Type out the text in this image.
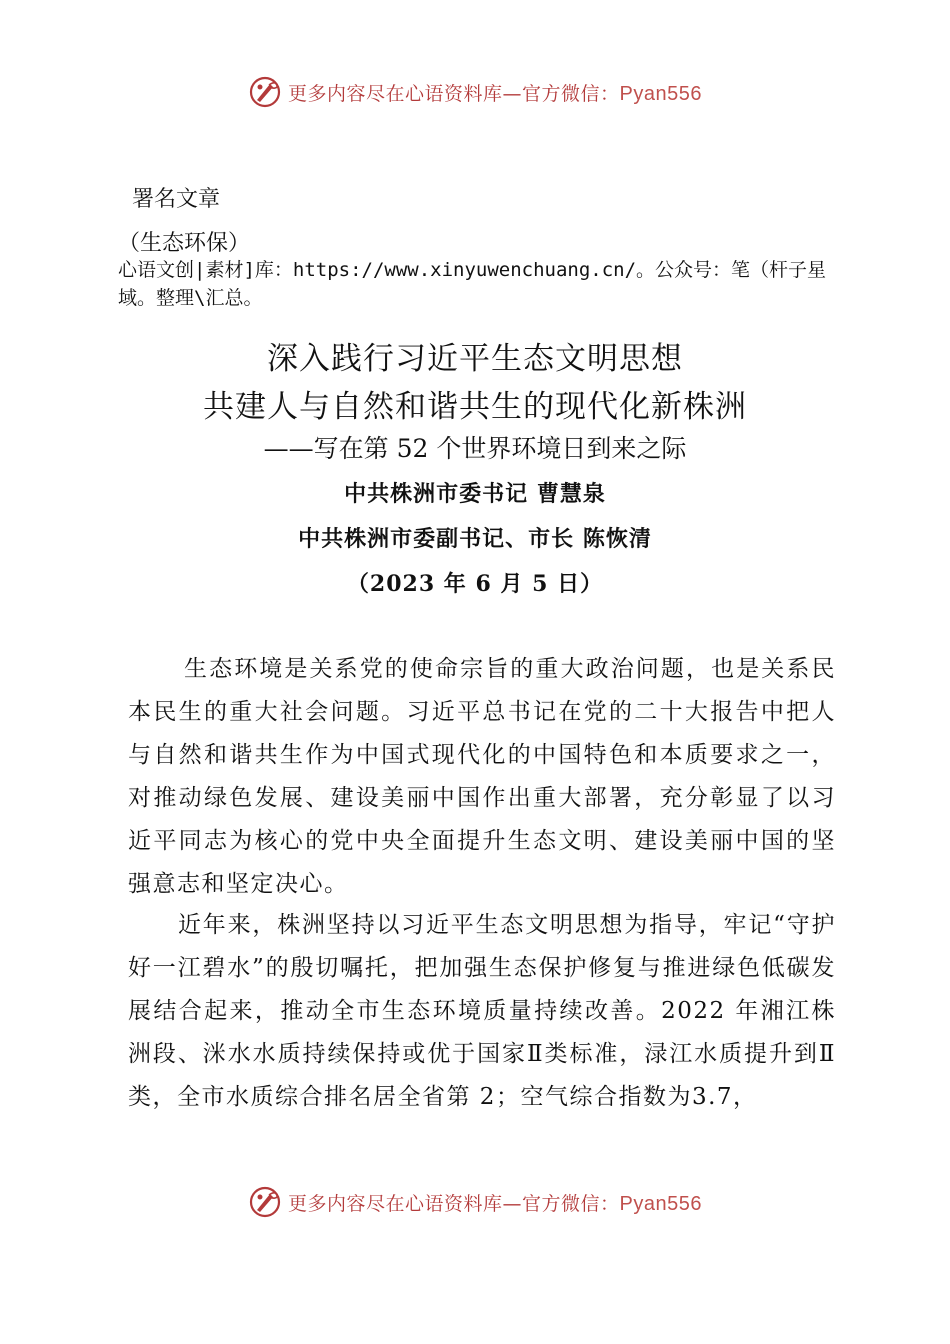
更多内容尽在心语资料库—官方微信：Pyan556
署名文章
（生态环保）
心语文创|素材]库：https://www.xinyuwenchuang.cn/。公众号：笔（杆子星域。整理\汇总。
深入践行习近平生态文明思想
共建人与自然和谐共生的现代化新株洲
——写在第 52 个世界环境日到来之际
中共株洲市委书记 曹慧泉
中共株洲市委副书记、市长 陈恢清
（2023 年 6 月 5 日）

生态环境是关系党的使命宗旨的重大政治问题，也是关系民本民生的重大社会问题。习近平总书记在党的二十大报告中把人与自然和谐共生作为中国式现代化的中国特色和本质要求之一，对推动绿色发展、建设美丽中国作出重大部署，充分彰显了以习近平同志为核心的党中央全面提升生态文明、建设美丽中国的坚强意志和坚定决心。

近年来，株洲坚持以习近平生态文明思想为指导，牢记“守护好一江碧水”的殷切嘱托，把加强生态保护修复与推进绿色低碳发展结合起来，推动全市生态环境质量持续改善。2022 年湘江株洲段、洣水水质持续保持或优于国家Ⅱ类标准，渌江水质提升到Ⅱ类，全市水质综合排名居全省第 2；空气综合指数为3.7，

更多内容尽在心语资料库—官方微信：Pyan556
